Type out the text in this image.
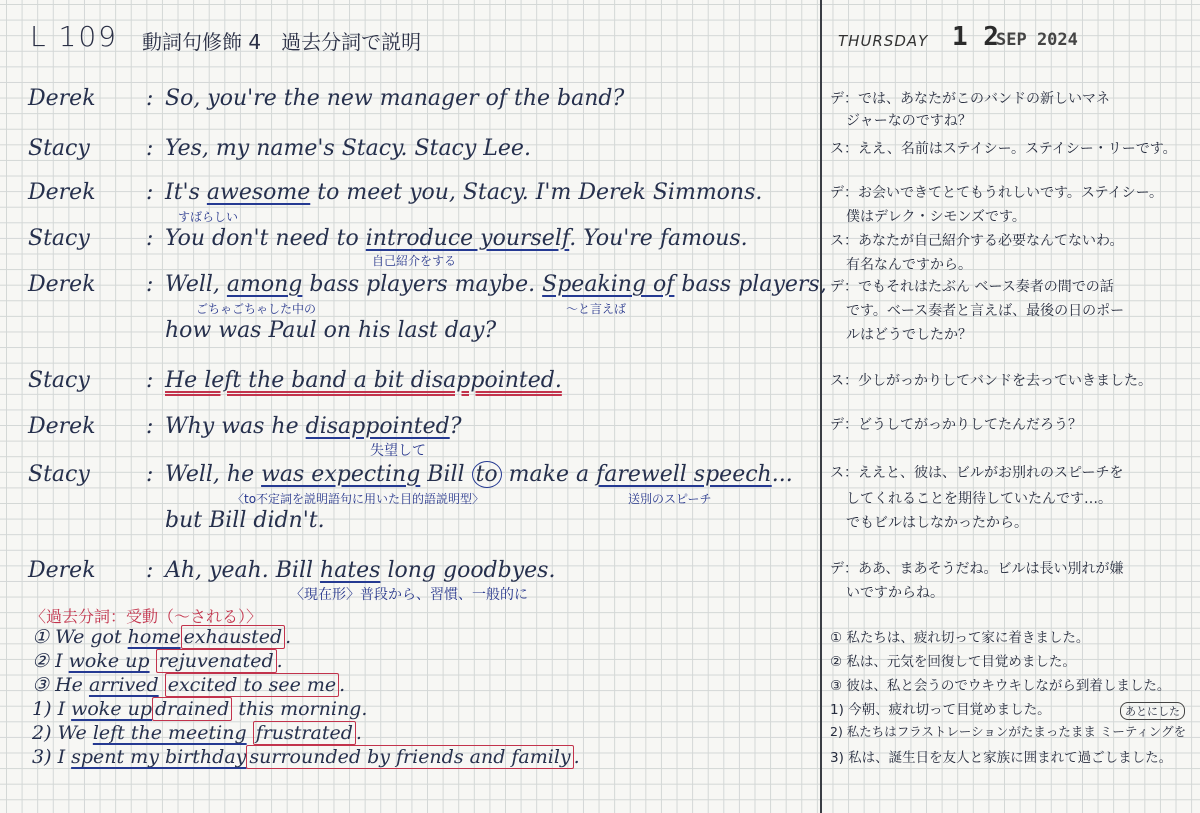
L 109 動詞句修飾 4　過去分詞で説明	THURSDAY 1 2
SEP 2024
Derek : So, you're the new manager of the band?
Stacy	: Yes, my name's Stacy. Stacy Lee.
Derek : It's awesome to meet you, Stacy. I'm Derek Simmons.
すばらしい
Stacy	: You don't need to introduce yourself. You're famous.
自己紹介をする
Derek : Well, among bass players maybe. Speaking of bass players,
ごちゃごちゃした中の	〜と言えば
how was Paul on his last day?
Stacy	: He left the band a bit disappointed.
Derek : Why was he disappointed?
失望して
Stacy	: Well, he was expecting Bill to make a farewell speech...
〈to不定詞を説明語句に用いた目的語説明型〉	送別のスピーチ
but Bill didn't.
Derek : Ah, yeah. Bill hates long goodbyes.
〈現在形〉普段から、習慣、一般的に
〈過去分詞：受動（〜される）〉
① We got home exhausted .
② I woke up rejuvenated .
③ He arrived excited to see me .
1) I woke up drained this morning.
2) We left the meeting frustrated .
3) I spent my birthday surrounded by friends and family .
デ：では、あなたがこのバンドの新しいマネ
ジャーなのですね？
ス：ええ、名前はステイシー。ステイシー・リーです。
デ：お会いできてとてもうれしいです。ステイシー。
僕はデレク・シモンズです。
ス：あなたが自己紹介する必要なんてないわ。
有名なんですから。
デ：でもそれはたぶん ベース奏者の間での話
です。ベース奏者と言えば、最後の日のポー
ルはどうでしたか？
ス：少しがっかりしてバンドを去っていきました。
デ：どうしてがっかりしてたんだろう？
ス：ええと、彼は、ビルがお別れのスピーチを
してくれることを期待していたんです…。
でもビルはしなかったから。
デ：ああ、まあそうだね。ビルは長い別れが嫌
いですからね。
① 私たちは、疲れ切って家に着きました。
② 私は、元気を回復して目覚めました。
③ 彼は、私と会うのでウキウキしながら到着しました。
1) 今朝、疲れ切って目覚めました。
2) 私たちはフラストレーションがたまったまま ミーティングを
3) 私は、誕生日を友人と家族に囲まれて過ごしました。
あとにした
